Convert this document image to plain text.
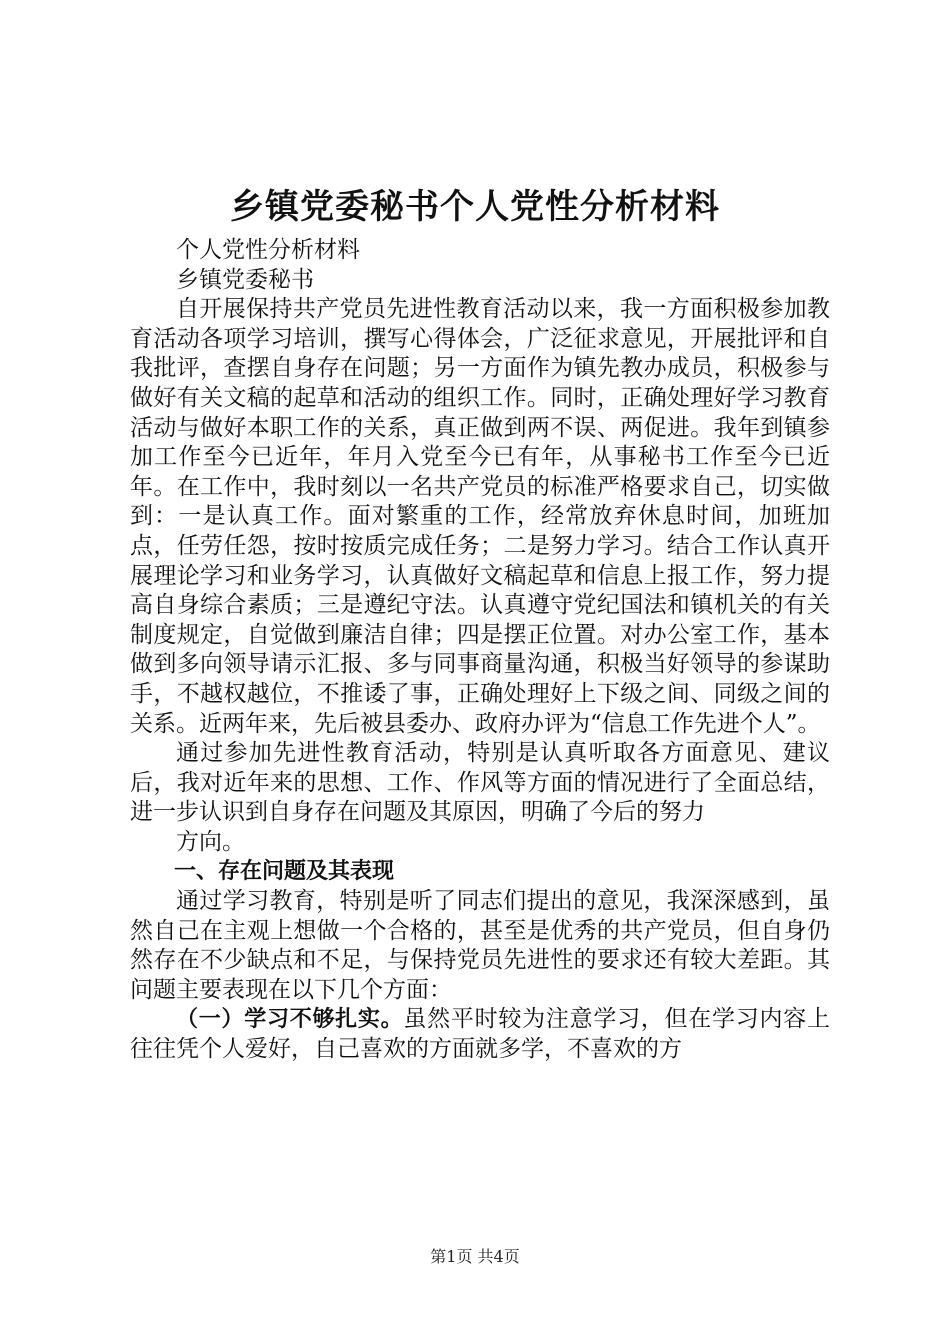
乡镇党委秘书个人党性分析材料

个人党性分析材料

乡镇党委秘书

自开展保持共产党员先进性教育活动以来，我一方面积极参加教育活动各项学习培训，撰写心得体会，广泛征求意见，开展批评和自我批评，查摆自身存在问题；另一方面作为镇先教办成员，积极参与做好有关文稿的起草和活动的组织工作。同时，正确处理好学习教育活动与做好本职工作的关系，真正做到两不误、两促进。我年到镇参加工作至今已近年，年月入党至今已有年，从事秘书工作至今已近年。在工作中，我时刻以一名共产党员的标准严格要求自己，切实做到：一是认真工作。面对繁重的工作，经常放弃休息时间，加班加点，任劳任怨，按时按质完成任务；二是努力学习。结合工作认真开展理论学习和业务学习，认真做好文稿起草和信息上报工作，努力提高自身综合素质；三是遵纪守法。认真遵守党纪国法和镇机关的有关制度规定，自觉做到廉洁自律；四是摆正位置。对办公室工作，基本做到多向领导请示汇报、多与同事商量沟通，积极当好领导的参谋助手，不越权越位，不推诿了事，正确处理好上下级之间、同级之间的关系。近两年来，先后被县委办、政府办评为“信息工作先进个人”。

通过参加先进性教育活动，特别是认真听取各方面意见、建议后，我对近年来的思想、工作、作风等方面的情况进行了全面总结，进一步认识到自身存在问题及其原因，明确了今后的努力

方向。

一、存在问题及其表现

通过学习教育，特别是听了同志们提出的意见，我深深感到，虽然自己在主观上想做一个合格的，甚至是优秀的共产党员，但自身仍然存在不少缺点和不足，与保持党员先进性的要求还有较大差距。其问题主要表现在以下几个方面：

（一）学习不够扎实。虽然平时较为注意学习，但在学习内容上往往凭个人爱好，自己喜欢的方面就多学，不喜欢的方

第1页 共4页
